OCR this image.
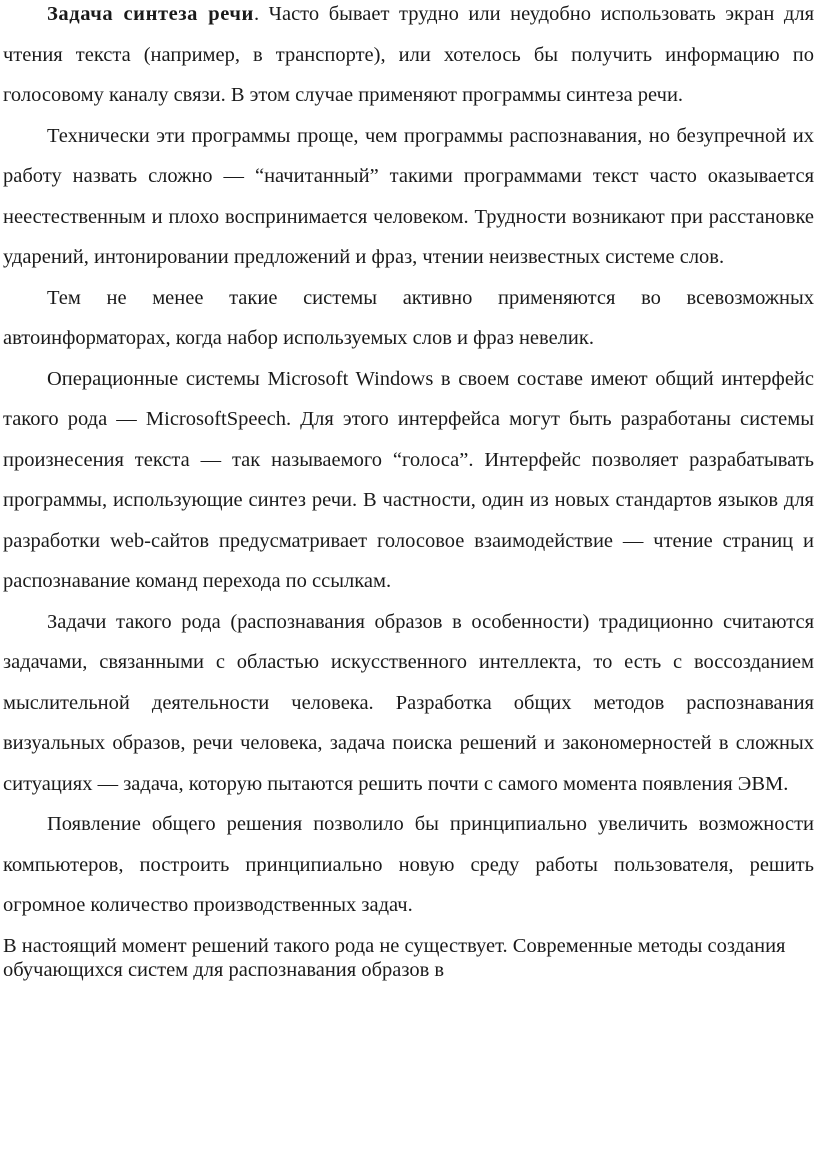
Задача синтеза речи. Часто бывает трудно или неудобно использовать экран для чтения текста (например, в транспорте), или хотелось бы получить информацию по голосовому каналу связи. В этом случае применяют программы синтеза речи.

Технически эти программы проще, чем программы распознавания, но безупречной их работу назвать сложно — “начитанный” такими программами текст часто оказывается неестественным и плохо воспринимается человеком. Трудности возникают при расстановке ударений, интонировании предложений и фраз, чтении неизвестных системе слов.

Тем не менее такие системы активно применяются во всевозможных автоинформаторах, когда набор используемых слов и фраз невелик.

Операционные системы Microsoft Windows в своем составе имеют общий интерфейс такого рода — MicrosoftSpeech. Для этого интерфейса могут быть разработаны системы произнесения текста — так называемого “голоса”. Интерфейс позволяет разрабатывать программы, использующие синтез речи. В частности, один из новых стандартов языков для разработки web-сайтов предусматривает голосовое взаимодействие — чтение страниц и распознавание команд перехода по ссылкам.

Задачи такого рода (распознавания образов в особенности) традиционно считаются задачами, связанными с областью искусственного интеллекта, то есть с воссозданием мыслительной деятельности человека. Разработка общих методов распознавания визуальных образов, речи человека, задача поиска решений и закономерностей в сложных ситуациях — задача, которую пытаются решить почти с самого момента появления ЭВМ.

Появление общего решения позволило бы принципиально увеличить возможности компьютеров, построить принципиально новую среду работы пользователя, решить огромное количество производственных задач.

В настоящий момент решений такого рода не существует. Современные методы создания обучающихся систем для распознавания образов в
